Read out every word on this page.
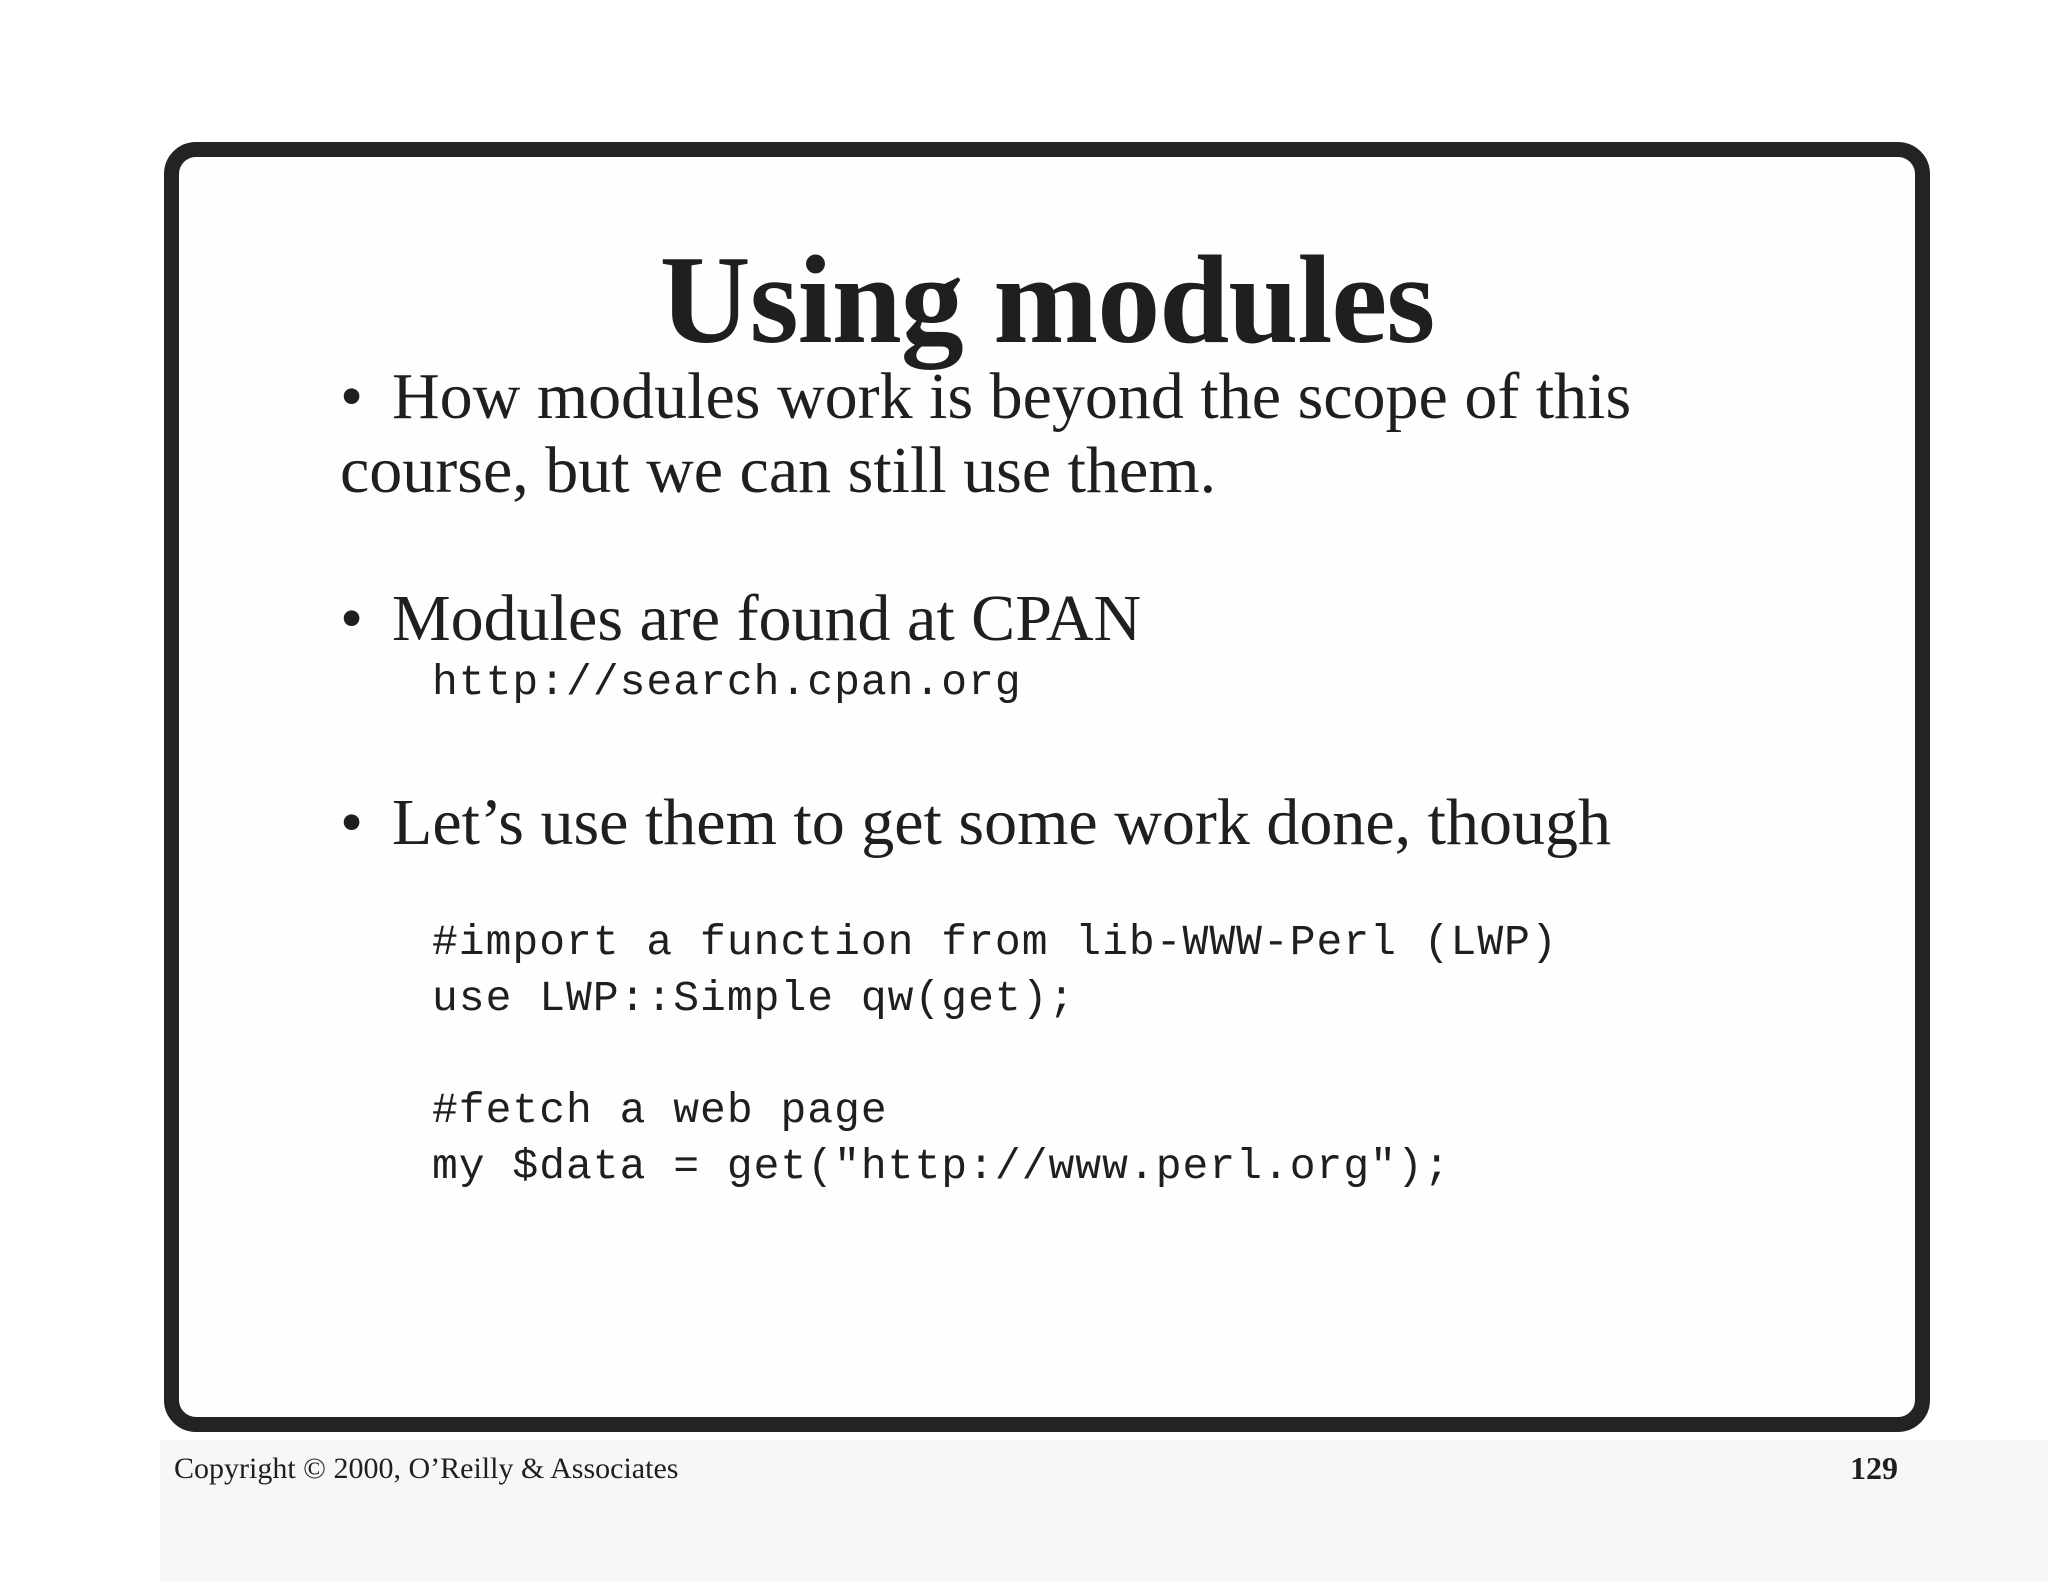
Using modules
• How modules work is beyond the scope of this course, but we can still use them.
• Modules are found at CPAN
http://search.cpan.org
• Let’s use them to get some work done, though
#import a function from lib-WWW-Perl (LWP)
use LWP::Simple qw(get);
#fetch a web page
my $data = get("http://www.perl.org");
Copyright © 2000, O’Reilly & Associates	129
